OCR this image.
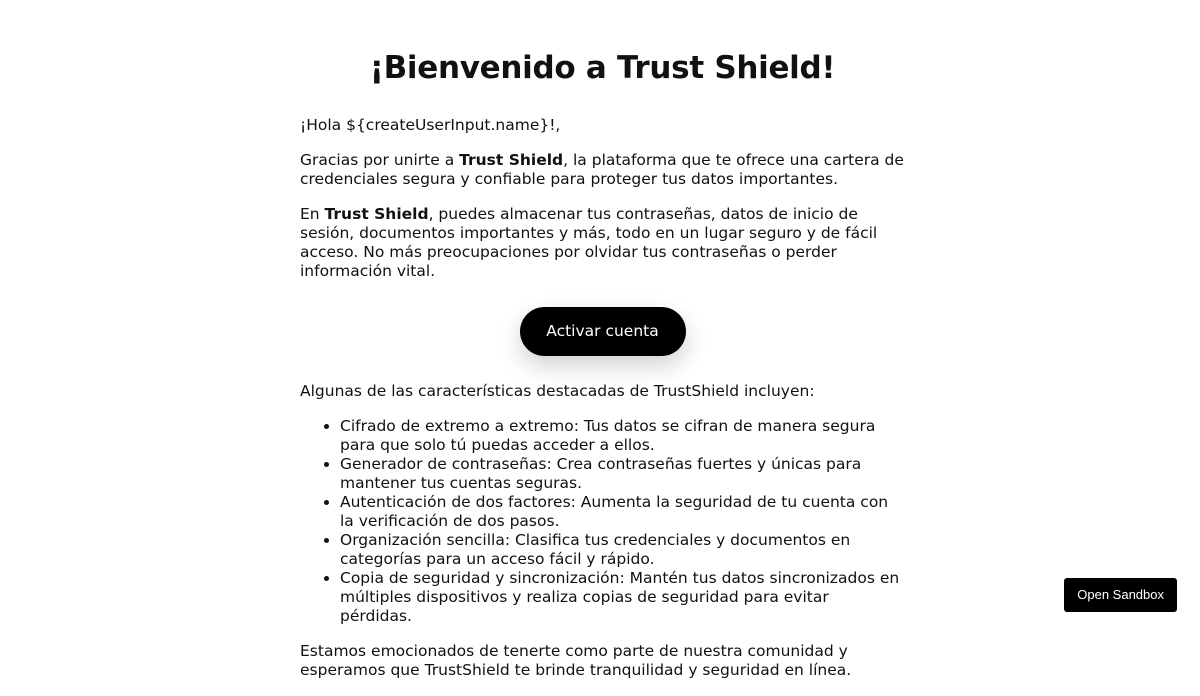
¡Bienvenido a Trust Shield!

¡Hola ${createUserInput.name}!,

Gracias por unirte a Trust Shield, la plataforma que te ofrece una cartera de credenciales segura y confiable para proteger tus datos importantes.

En Trust Shield, puedes almacenar tus contraseñas, datos de inicio de sesión, documentos importantes y más, todo en un lugar seguro y de fácil acceso. No más preocupaciones por olvidar tus contraseñas o perder información vital.

Activar cuenta

Algunas de las características destacadas de TrustShield incluyen:

• Cifrado de extremo a extremo: Tus datos se cifran de manera segura para que solo tú puedas acceder a ellos.
• Generador de contraseñas: Crea contraseñas fuertes y únicas para mantener tus cuentas seguras.
• Autenticación de dos factores: Aumenta la seguridad de tu cuenta con la verificación de dos pasos.
• Organización sencilla: Clasifica tus credenciales y documentos en categorías para un acceso fácil y rápido.
• Copia de seguridad y sincronización: Mantén tus datos sincronizados en múltiples dispositivos y realiza copias de seguridad para evitar pérdidas.

Estamos emocionados de tenerte como parte de nuestra comunidad y esperamos que TrustShield te brinde tranquilidad y seguridad en línea.

Open Sandbox
